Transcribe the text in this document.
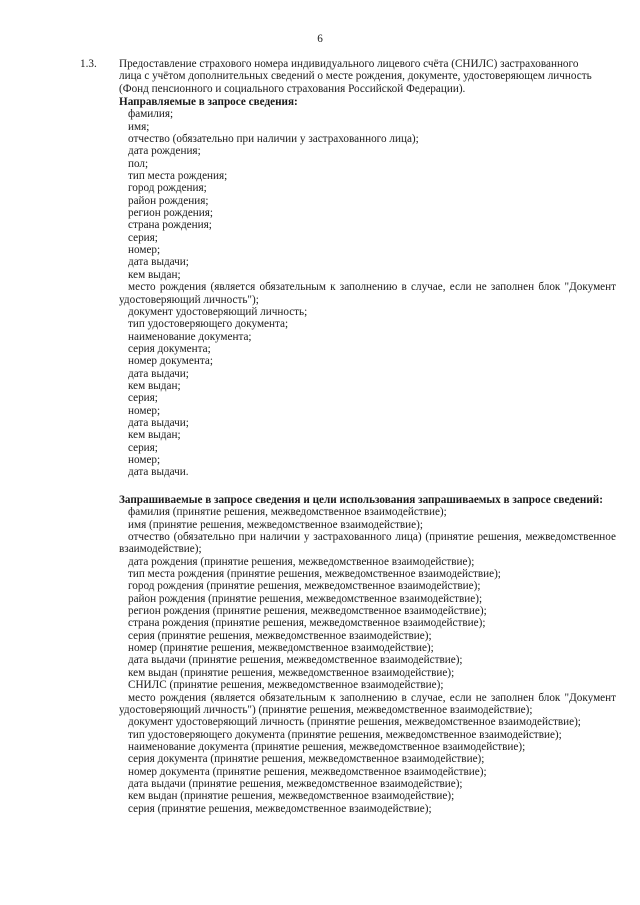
6
1.3. Предоставление страхового номера индивидуального лицевого счёта (СНИЛС) застрахованного лица с учётом дополнительных сведений о месте рождения, документе, удостоверяющем личность (Фонд пенсионного и социального страхования Российской Федерации).
Направляемые в запросе сведения:
фамилия;
имя;
отчество (обязательно при наличии у застрахованного лица);
дата рождения;
пол;
тип места рождения;
город рождения;
район рождения;
регион рождения;
страна рождения;
серия;
номер;
дата выдачи;
кем выдан;
место рождения (является обязательным к заполнению в случае, если не заполнен блок "Документ удостоверяющий личность");
документ удостоверяющий личность;
тип удостоверяющего документа;
наименование документа;
серия документа;
номер документа;
дата выдачи;
кем выдан;
серия;
номер;
дата выдачи;
кем выдан;
серия;
номер;
дата выдачи.
Запрашиваемые в запросе сведения и цели использования запрашиваемых в запросе сведений:
фамилия (принятие решения, межведомственное взаимодействие);
имя (принятие решения, межведомственное взаимодействие);
отчество (обязательно при наличии у застрахованного лица) (принятие решения, межведомственное взаимодействие);
дата рождения (принятие решения, межведомственное взаимодействие);
тип места рождения (принятие решения, межведомственное взаимодействие);
город рождения (принятие решения, межведомственное взаимодействие);
район рождения (принятие решения, межведомственное взаимодействие);
регион рождения (принятие решения, межведомственное взаимодействие);
страна рождения (принятие решения, межведомственное взаимодействие);
серия (принятие решения, межведомственное взаимодействие);
номер (принятие решения, межведомственное взаимодействие);
дата выдачи (принятие решения, межведомственное взаимодействие);
кем выдан (принятие решения, межведомственное взаимодействие);
СНИЛС (принятие решения, межведомственное взаимодействие);
место рождения (является обязательным к заполнению в случае, если не заполнен блок "Документ удостоверяющий личность") (принятие решения, межведомственное взаимодействие);
документ удостоверяющий личность (принятие решения, межведомственное взаимодействие);
тип удостоверяющего документа (принятие решения, межведомственное взаимодействие);
наименование документа (принятие решения, межведомственное взаимодействие);
серия документа (принятие решения, межведомственное взаимодействие);
номер документа (принятие решения, межведомственное взаимодействие);
дата выдачи (принятие решения, межведомственное взаимодействие);
кем выдан (принятие решения, межведомственное взаимодействие);
серия (принятие решения, межведомственное взаимодействие);
